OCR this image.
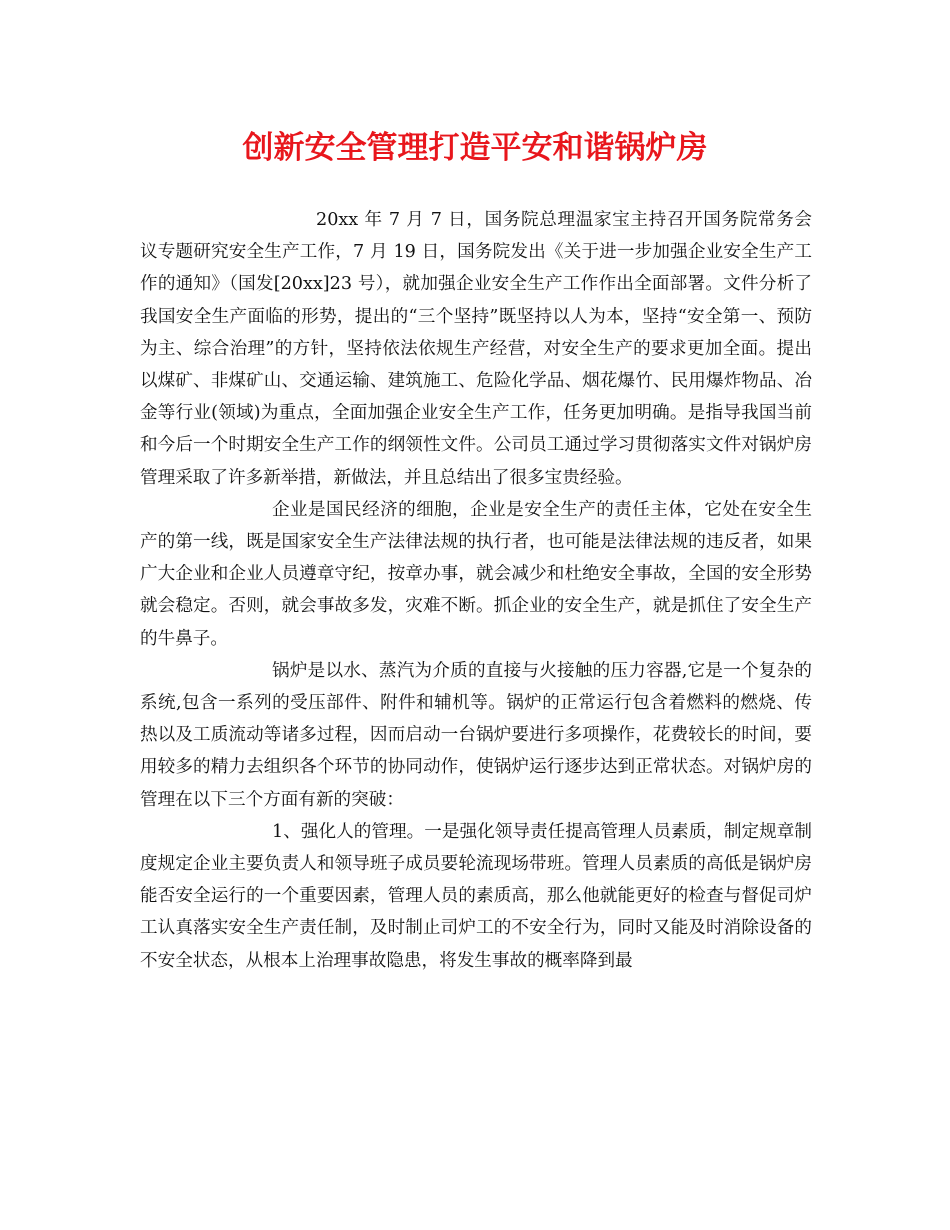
创新安全管理打造平安和谐锅炉房

20xx 年 7 月 7 日，国务院总理温家宝主持召开国务院常务会议专题研究安全生产工作，7 月 19 日，国务院发出《关于进一步加强企业安全生产工作的通知》（国发[20xx]23 号），就加强企业安全生产工作作出全面部署。文件分析了我国安全生产面临的形势，提出的“三个坚持”既坚持以人为本，坚持“安全第一、预防为主、综合治理”的方针，坚持依法依规生产经营，对安全生产的要求更加全面。提出以煤矿、非煤矿山、交通运输、建筑施工、危险化学品、烟花爆竹、民用爆炸物品、冶金等行业(领域)为重点，全面加强企业安全生产工作，任务更加明确。是指导我国当前和今后一个时期安全生产工作的纲领性文件。公司员工通过学习贯彻落实文件对锅炉房管理采取了许多新举措，新做法，并且总结出了很多宝贵经验。

企业是国民经济的细胞，企业是安全生产的责任主体，它处在安全生产的第一线，既是国家安全生产法律法规的执行者，也可能是法律法规的违反者，如果广大企业和企业人员遵章守纪，按章办事，就会减少和杜绝安全事故，全国的安全形势就会稳定。否则，就会事故多发，灾难不断。抓企业的安全生产，就是抓住了安全生产的牛鼻子。

锅炉是以水、蒸汽为介质的直接与火接触的压力容器,它是一个复杂的系统,包含一系列的受压部件、附件和辅机等。锅炉的正常运行包含着燃料的燃烧、传热以及工质流动等诸多过程，因而启动一台锅炉要进行多项操作，花费较长的时间，要用较多的精力去组织各个环节的协同动作，使锅炉运行逐步达到正常状态。对锅炉房的管理在以下三个方面有新的突破：

1、强化人的管理。一是强化领导责任提高管理人员素质，制定规章制度规定企业主要负责人和领导班子成员要轮流现场带班。管理人员素质的高低是锅炉房能否安全运行的一个重要因素，管理人员的素质高，那么他就能更好的检查与督促司炉工认真落实安全生产责任制，及时制止司炉工的不安全行为，同时又能及时消除设备的不安全状态，从根本上治理事故隐患，将发生事故的概率降到最
